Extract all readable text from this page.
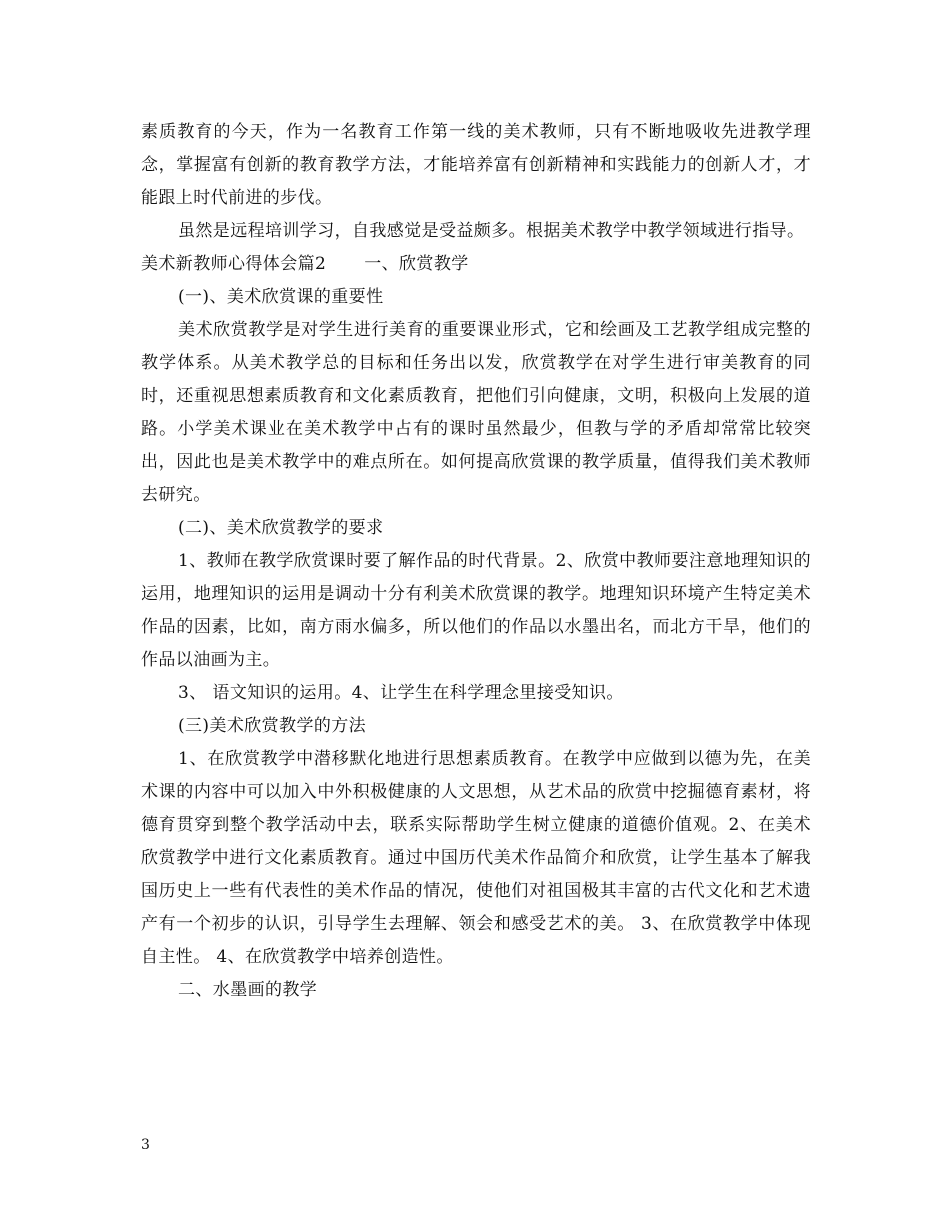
素质教育的今天，作为一名教育工作第一线的美术教师，只有不断地吸收先进教学理念，掌握富有创新的教育教学方法，才能培养富有创新精神和实践能力的创新人才，才能跟上时代前进的步伐。

虽然是远程培训学习，自我感觉是受益颇多。根据美术教学中教学领域进行指导。

美术新教师心得体会篇2 一、欣赏教学

(一)、美术欣赏课的重要性

美术欣赏教学是对学生进行美育的重要课业形式，它和绘画及工艺教学组成完整的教学体系。从美术教学总的目标和任务出以发，欣赏教学在对学生进行审美教育的同时，还重视思想素质教育和文化素质教育，把他们引向健康，文明，积极向上发展的道路。小学美术课业在美术教学中占有的课时虽然最少，但教与学的矛盾却常常比较突出，因此也是美术教学中的难点所在。如何提高欣赏课的教学质量，值得我们美术教师去研究。

(二)、美术欣赏教学的要求

1、教师在教学欣赏课时要了解作品的时代背景。2、欣赏中教师要注意地理知识的运用，地理知识的运用是调动十分有利美术欣赏课的教学。地理知识环境产生特定美术作品的因素，比如，南方雨水偏多，所以他们的作品以水墨出名，而北方干旱，他们的作品以油画为主。

3、 语文知识的运用。4、让学生在科学理念里接受知识。

(三)美术欣赏教学的方法

1、在欣赏教学中潜移默化地进行思想素质教育。在教学中应做到以德为先，在美术课的内容中可以加入中外积极健康的人文思想，从艺术品的欣赏中挖掘德育素材，将德育贯穿到整个教学活动中去，联系实际帮助学生树立健康的道德价值观。2、在美术欣赏教学中进行文化素质教育。通过中国历代美术作品简介和欣赏，让学生基本了解我国历史上一些有代表性的美术作品的情况，使他们对祖国极其丰富的古代文化和艺术遗产有一个初步的认识，引导学生去理解、领会和感受艺术的美。 3、在欣赏教学中体现自主性。 4、在欣赏教学中培养创造性。

二、水墨画的教学

3
